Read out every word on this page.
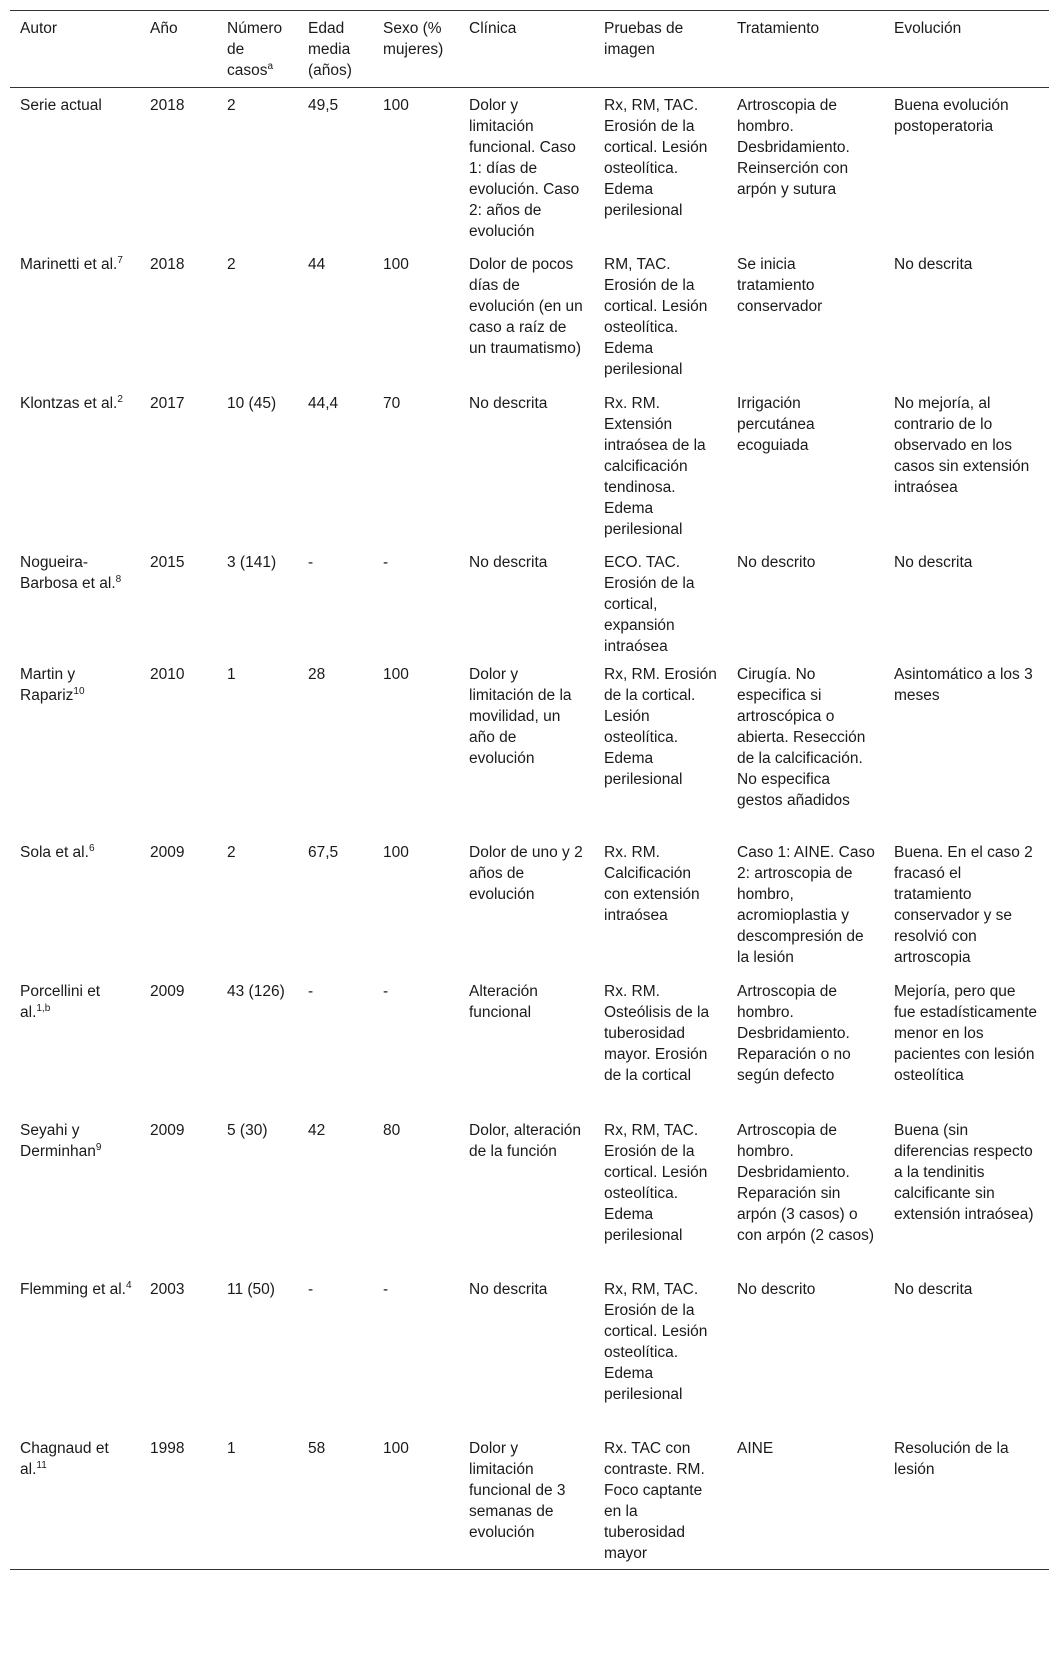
Autor	Año	Número de casos$^a$	Edad media (años)	Sexo (% mujeres)	Clínica	Pruebas de imagen	Tratamiento	Evolución
Serie actual	2018	2	49,5	100	Dolor y limitación funcional. Caso 1: días de evolución. Caso 2: años de evolución	Rx, RM, TAC. Erosión de la cortical. Lesión osteolítica. Edema perilesional	Artroscopia de hombro. Desbridamiento. Reinserción con arpón y sutura	Buena evolución postoperatoria
Marinetti et al.$^7$	2018	2	44	100	Dolor de pocos días de evolución (en un caso a raíz de un traumatismo)	RM, TAC. Erosión de la cortical. Lesión osteolítica. Edema perilesional	Se inicia tratamiento conservador	No descrita
Klontzas et al.$^2$	2017	10 (45)	44,4	70	No descrita	Rx. RM. Extensión intraósea de la calcificación tendinosa. Edema perilesional	Irrigación percutánea ecoguiada	No mejoría, al contrario de lo observado en los casos sin extensión intraósea
Nogueira-Barbosa et al.$^8$	2015	3 (141)	-	-	No descrita	ECO. TAC. Erosión de la cortical, expansión intraósea	No descrito	No descrita
Martin y Rapariz$^{10}$	2010	1	28	100	Dolor y limitación de la movilidad, un año de evolución	Rx, RM. Erosión de la cortical. Lesión osteolítica. Edema perilesional	Cirugía. No especifica si artroscópica o abierta. Resección de la calcificación. No especifica gestos añadidos	Asintomático a los 3 meses
Sola et al.$^6$	2009	2	67,5	100	Dolor de uno y 2 años de evolución	Rx. RM. Calcificación con extensión intraósea	Caso 1: AINE. Caso 2: artroscopia de hombro, acromioplastia y descompresión de la lesión	Buena. En el caso 2 fracasó el tratamiento conservador y se resolvió con artroscopia
Porcellini et al.$^{1,b}$	2009	43 (126)	-	-	Alteración funcional	Rx. RM. Osteólisis de la tuberosidad mayor. Erosión de la cortical	Artroscopia de hombro. Desbridamiento. Reparación o no según defecto	Mejoría, pero que fue estadísticamente menor en los pacientes con lesión osteolítica
Seyahi y Derminhan$^9$	2009	5 (30)	42	80	Dolor, alteración de la función	Rx, RM, TAC. Erosión de la cortical. Lesión osteolítica. Edema perilesional	Artroscopia de hombro. Desbridamiento. Reparación sin arpón (3 casos) o con arpón (2 casos)	Buena (sin diferencias respecto a la tendinitis calcificante sin extensión intraósea)
Flemming et al.$^4$	2003	11 (50)	-	-	No descrita	Rx, RM, TAC. Erosión de la cortical. Lesión osteolítica. Edema perilesional	No descrito	No descrita
Chagnaud et al.$^{11}$	1998	1	58	100	Dolor y limitación funcional de 3 semanas de evolución	Rx. TAC con contraste. RM. Foco captante en la tuberosidad mayor	AINE	Resolución de la lesión
